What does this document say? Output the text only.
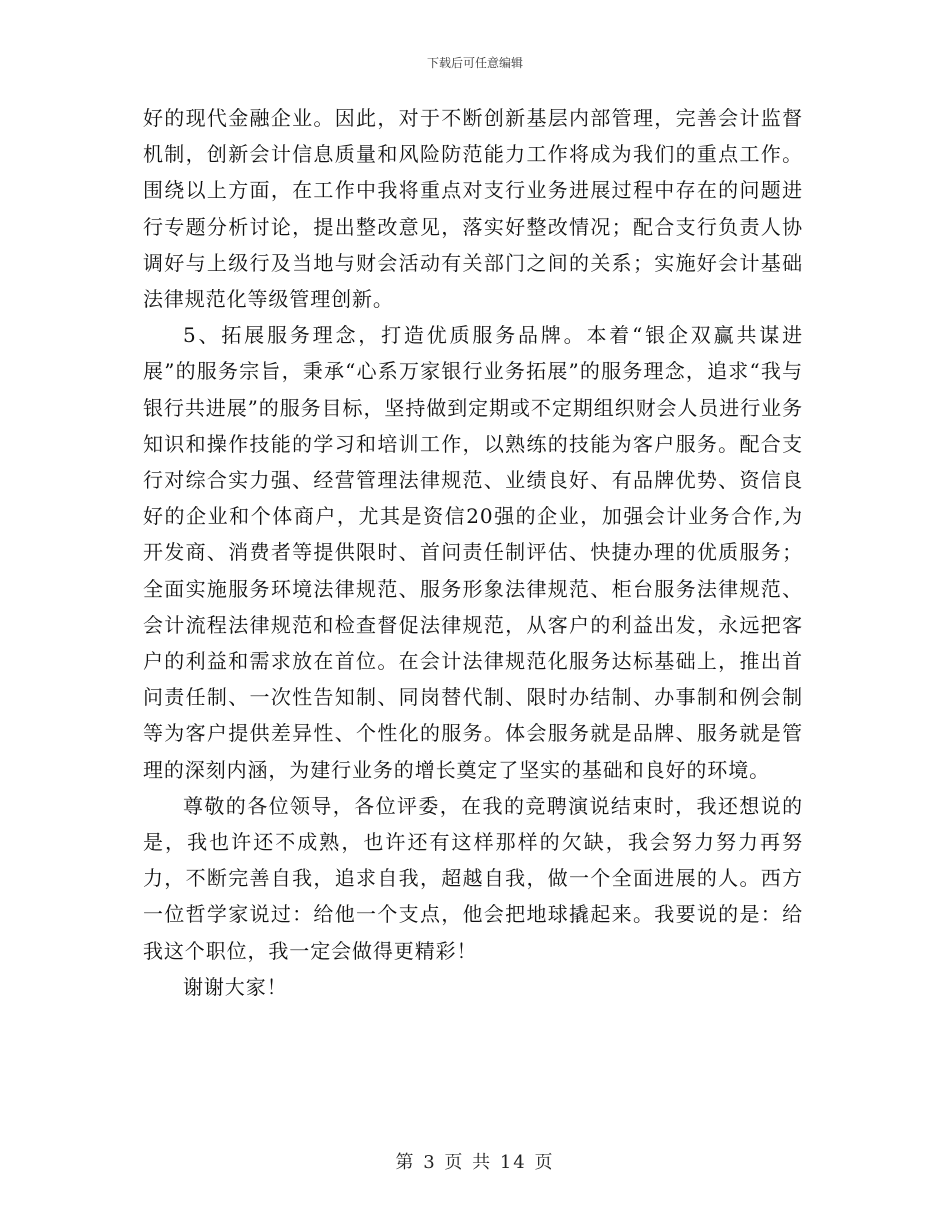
下载后可任意编辑

好的现代金融企业。因此，对于不断创新基层内部管理，完善会计监督机制，创新会计信息质量和风险防范能力工作将成为我们的重点工作。围绕以上方面，在工作中我将重点对支行业务进展过程中存在的问题进行专题分析讨论，提出整改意见，落实好整改情况；配合支行负责人协调好与上级行及当地与财会活动有关部门之间的关系；实施好会计基础法律规范化等级管理创新。

5、拓展服务理念，打造优质服务品牌。本着“银企双赢共谋进展”的服务宗旨，秉承“心系万家银行业务拓展”的服务理念，追求“我与银行共进展”的服务目标，坚持做到定期或不定期组织财会人员进行业务知识和操作技能的学习和培训工作，以熟练的技能为客户服务。配合支行对综合实力强、经营管理法律规范、业绩良好、有品牌优势、资信良好的企业和个体商户，尤其是资信20强的企业，加强会计业务合作,为开发商、消费者等提供限时、首问责任制评估、快捷办理的优质服务；全面实施服务环境法律规范、服务形象法律规范、柜台服务法律规范、会计流程法律规范和检查督促法律规范，从客户的利益出发，永远把客户的利益和需求放在首位。在会计法律规范化服务达标基础上，推出首问责任制、一次性告知制、同岗替代制、限时办结制、办事制和例会制等为客户提供差异性、个性化的服务。体会服务就是品牌、服务就是管理的深刻内涵，为建行业务的增长奠定了坚实的基础和良好的环境。

尊敬的各位领导，各位评委，在我的竞聘演说结束时，我还想说的是，我也许还不成熟，也许还有这样那样的欠缺，我会努力努力再努力，不断完善自我，追求自我，超越自我，做一个全面进展的人。西方一位哲学家说过：给他一个支点，他会把地球撬起来。我要说的是：给我这个职位，我一定会做得更精彩！

谢谢大家！

第 3 页 共 14 页
